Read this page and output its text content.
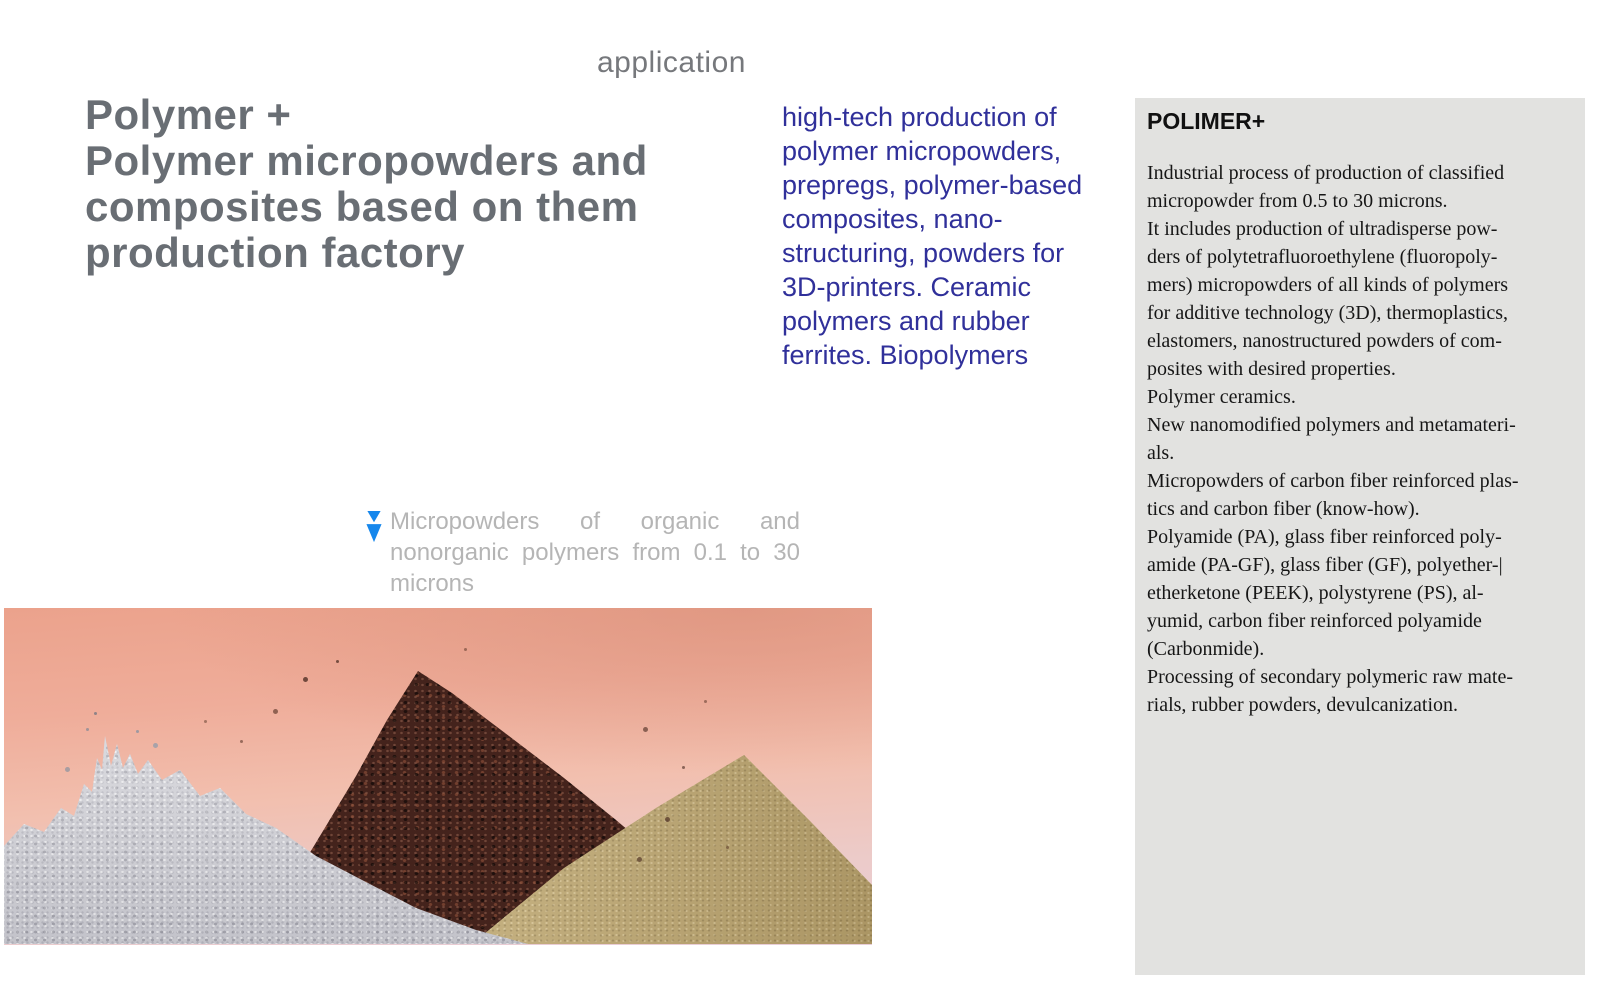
application
Polymer +
Polymer micropowders and
composites based on them
production factory
high-tech production of
polymer micropowders,
prepregs, polymer-based
composites, nano-
structuring, powders for
3D-printers. Ceramic
polymers and rubber
ferrites. Biopolymers
POLIMER+
Industrial process of production of classified
micropowder from 0.5 to 30 microns.
It includes production of ultradisperse pow-
ders of polytetrafluoroethylene (fluoropoly-
mers) micropowders of all kinds of polymers
for additive technology (3D), thermoplastics,
elastomers, nanostructured powders of com-
posites with desired properties.
Polymer ceramics.
New nanomodified polymers and metamateri-
als.
Micropowders of carbon fiber reinforced plas-
tics and carbon fiber (know-how).
Polyamide (PA), glass fiber reinforced poly-
amide (PA-GF), glass fiber (GF), polyether-|
etherketone (PEEK), polystyrene (PS), al-
yumid, carbon fiber reinforced polyamide
(Carbonmide).
Processing of secondary polymeric raw mate-
rials, rubber powders, devulcanization.
Micropowders of organic and
nonorganic polymers from 0.1 to 30
microns
